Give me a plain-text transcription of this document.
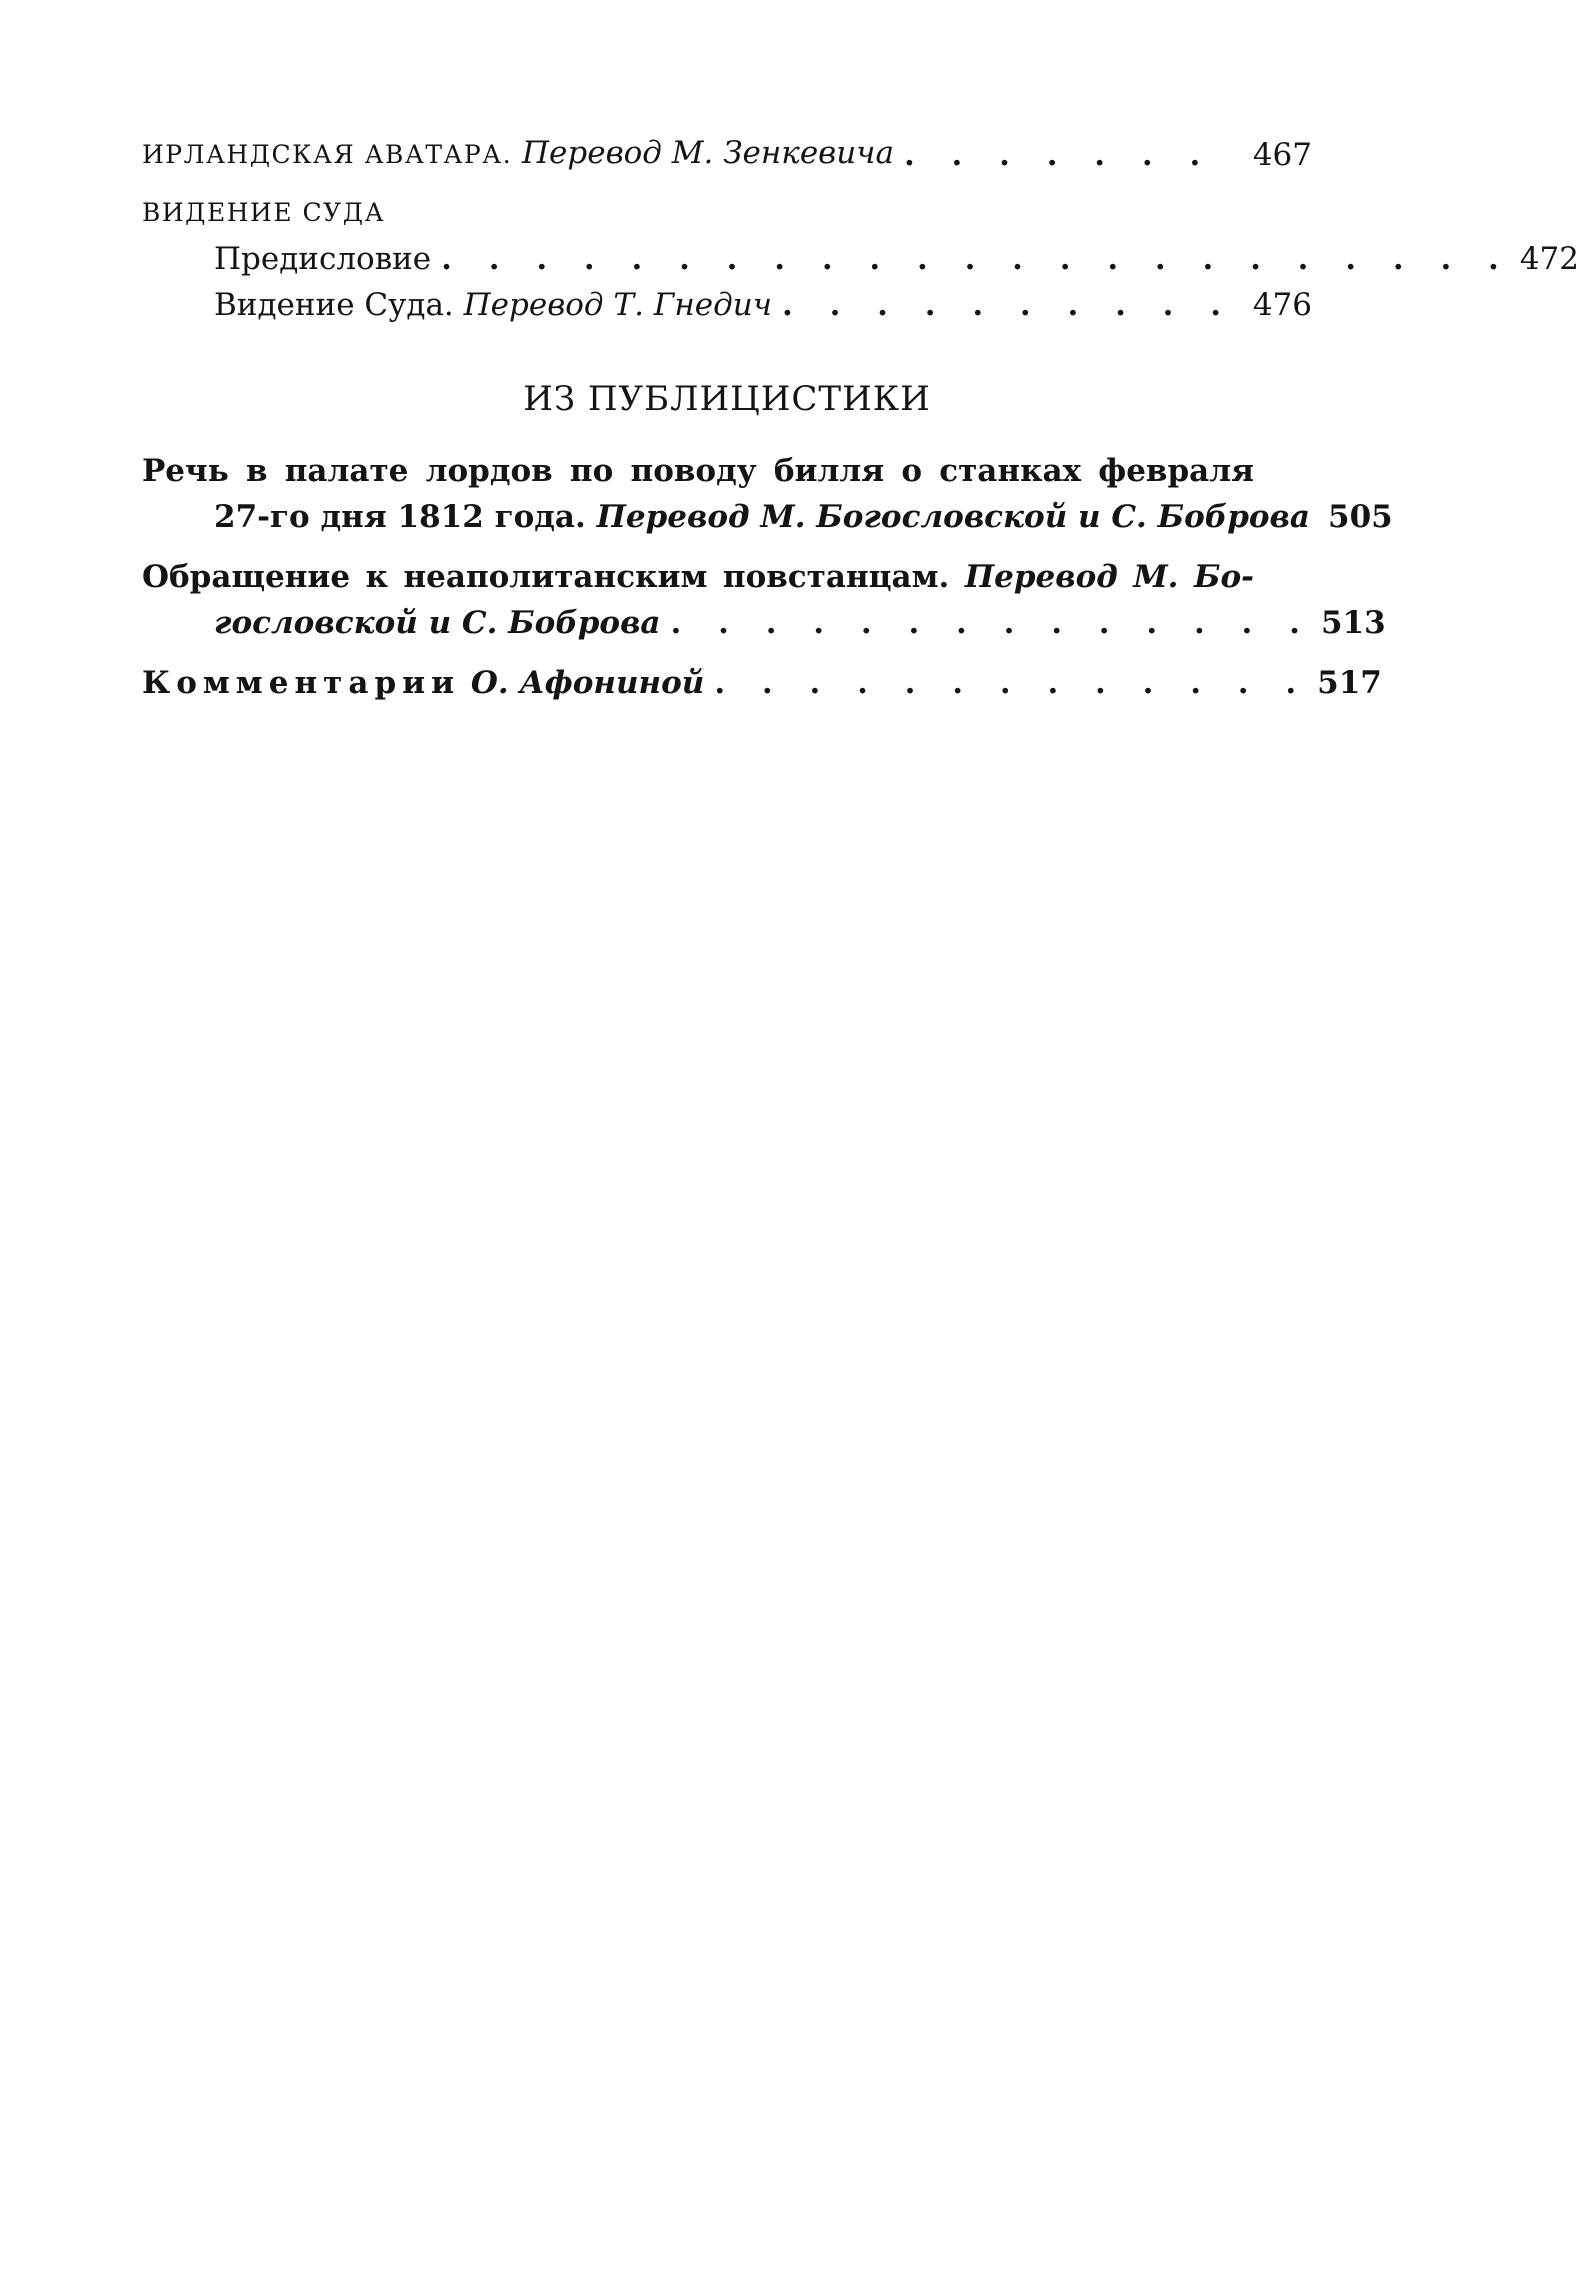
ИРЛАНДСКАЯ АВАТАРА. Перевод М. Зенкевича . . . . . . .	467
ВИДЕНИЕ СУДА
Предисловие . . . . . . . . . . . . . . . . . . . . . . . 472
Видение Суда. Перевод Т. Гнедич . . . . . . . . . . 476
ИЗ ПУБЛИЦИСТИКИ
Речь в палате лордов по поводу билля о станках февраля
27-го дня 1812 года. Перевод М. Богословской и С. Боброва 505
Обращение к неаполитанским повстанцам. Перевод М. Бо-
гословской и С. Боброва . . . . . . . . . . . . . . 513
Комментарии О. Афониной . . . . . . . . . . . . . 517
